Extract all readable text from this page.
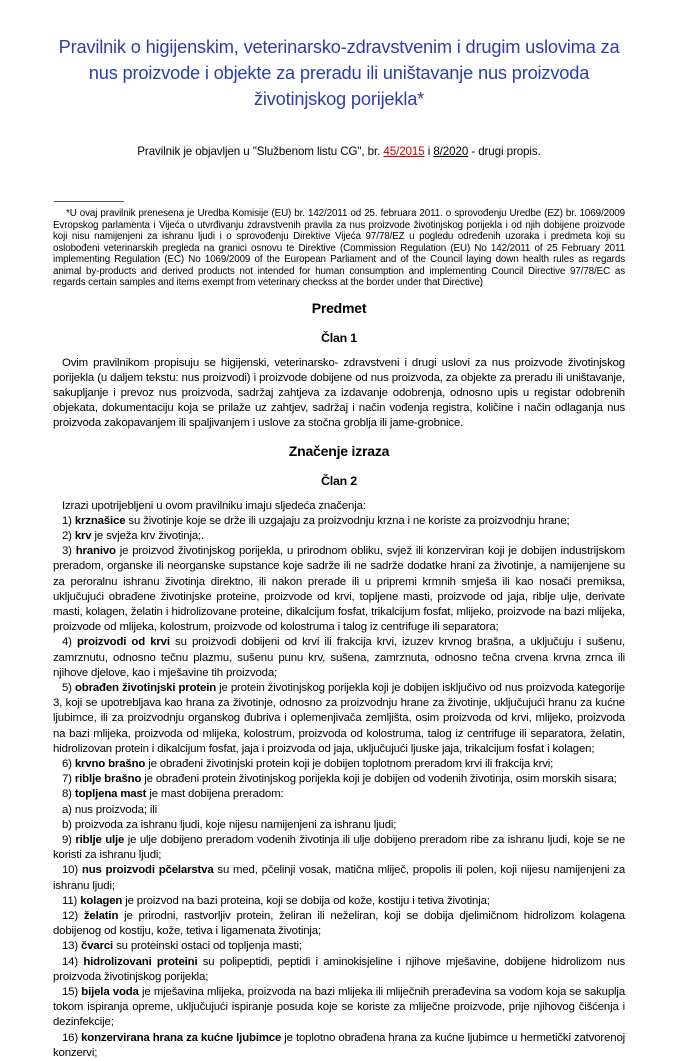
Pravilnik o higijenskim, veterinarsko-zdravstvenim i drugim uslovima za nus proizvode i objekte za preradu ili uništavanje nus proizvoda životinjskog porijekla*
Pravilnik je objavljen u "Službenom listu CG", br. 45/2015 i 8/2020 - drugi propis.

*U ovaj pravilnik prenesena je Uredba Komisije (EU) br. 142/2011 od 25. februara 2011. o sprovođenju Uredbe (EZ) br. 1069/2009 Evropskog parlamenta i Vijeća o utvrđivanju zdravstvenih pravila za nus proizvode životinjskog porijekla i od njih dobijene proizvode koji nisu namijenjeni za ishranu ljudi i o sprovođenju Direktive Vijeća 97/78/EZ u pogledu određenih uzoraka i predmeta koji su oslobođeni veterinarskih pregleda na granici osnovu te Direktive (Commission Regulation (EU) No 142/2011 of 25 February 2011 implementing Regulation (EC) No 1069/2009 of the European Parliament and of the Council laying down health rules as regards animal by-products and derived products not intended for human consumption and implementing Council Directive 97/78/EC as regards certain samples and items exempt from veterinary checkss at the border under that Directive)

Predmet
Član 1

Ovim pravilnikom propisuju se higijenski, veterinarsko- zdravstveni i drugi uslovi za nus proizvode životinjskog porijekla (u daljem tekstu: nus proizvodi) i proizvode dobijene od nus proizvoda, za objekte za preradu ili uništavanje, sakupljanje i prevoz nus proizvoda, sadržaj zahtjeva za izdavanje odobrenja, odnosno upis u registar odobrenih objekata, dokumentaciju koja se prilaže uz zahtjev, sadržaj i način vođenja registra, količine i način odlaganja nus proizvoda zakopavanjem ili spaljivanjem i uslove za stočna groblja ili jame-grobnice.

Značenje izraza
Član 2

Izrazi upotrijebljeni u ovom pravilniku imaju sljedeća značenja:

1) krznašice su životinje koje se drže ili uzgajaju za proizvodnju krzna i ne koriste za proizvodnju hrane;

2) krv je svježa krv životinja;.

3) hranivo je proizvod životinjskog porijekla, u prirodnom obliku, svjež ili konzerviran koji je dobijen industrijskom preradom, organske ili neorganske supstance koje sadrže ili ne sadrže dodatke hrani za životinje, a namijenjene su za peroralnu ishranu životinja direktno, ili nakon prerade ili u pripremi krmnih smješa ili kao nosači premiksa, uključujući obrađene životinjske proteine, proizvode od krvi, topljene masti, proizvode od jaja, riblje ulje, derivate masti, kolagen, želatin i hidrolizovane proteine, dikalcijum fosfat, trikalcijum fosfat, mlijeko, proizvode na bazi mlijeka, proizvode od mlijeka, kolostrum, proizvode od kolostruma i talog iz centrifuge ili separatora;

4) proizvodi od krvi su proizvodi dobijeni od krvi ili frakcija krvi, izuzev krvnog brašna, a uključuju i sušenu, zamrznutu, odnosno tečnu plazmu, sušenu punu krv, sušena, zamrznuta, odnosno tečna crvena krvna zrnca ili njihove djelove, kao i mješavine tih proizvoda;

5) obrađen životinjski protein je protein životinjskog porijekla koji je dobijen isključivo od nus proizvoda kategorije 3, koji se upotrebljava kao hrana za životinje, odnosno za proizvodnju hrane za životinje, uključujući hranu za kućne ljubimce, ili za proizvodnju organskog đubriva i oplemenjivača zemljišta, osim proizvoda od krvi, mlijeko, proizvoda na bazi mlijeka, proizvoda od mlijeka, kolostrum, proizvoda od kolostruma, talog iz centrifuge ili separatora, želatin, hidrolizovan protein i dikalcijum fosfat, jaja i proizvoda od jaja, uključujući ljuske jaja, trikalcijum fosfat i kolagen;

6) krvno brašno je obrađeni životinjski protein koji je dobijen toplotnom preradom krvi ili frakcija krvi;

7) riblje brašno je obrađeni protein životinjskog porijekla koji je dobijen od vodenih životinja, osim morskih sisara;

8) topljena mast je mast dobijena preradom:

a) nus proizvoda; ili

b) proizvoda za ishranu ljudi, koje nijesu namijenjeni za ishranu ljudi;

9) riblje ulje je ulje dobijeno preradom vodenih životinja ili ulje dobijeno preradom ribe za ishranu ljudi, koje se ne koristi za ishranu ljudi;

10) nus proizvodi pčelarstva su med, pčelinji vosak, matična mliječ, propolis ili polen, koji nijesu namijenjeni za ishranu ljudi;

11) kolagen je proizvod na bazi proteina, koji se dobija od kože, kostiju i tetiva životinja;

12) želatin je prirodni, rastvorljiv protein, želiran ili neželiran, koji se dobija djelimičnom hidrolizom kolagena dobijenog od kostiju, kože, tetiva i ligamenata životinja;

13) čvarci su proteinski ostaci od topljenja masti;

14) hidrolizovani proteini su polipeptidi, peptidi i aminokisjeline i njihove mješavine, dobijene hidrolizom nus proizvoda životinjskog porijekla;

15) bijela voda je mješavina mlijeka, proizvoda na bazi mlijeka ili mliječnih prerađevina sa vodom koja se sakuplja tokom ispiranja opreme, uključujući ispiranje posuda koje se koriste za mliječne proizvode, prije njihovog čišćenja i dezinfekcije;

16) konzervirana hrana za kućne ljubimce je toplotno obrađena hrana za kućne ljubimce u hermetički zatvorenoj konzervi;
